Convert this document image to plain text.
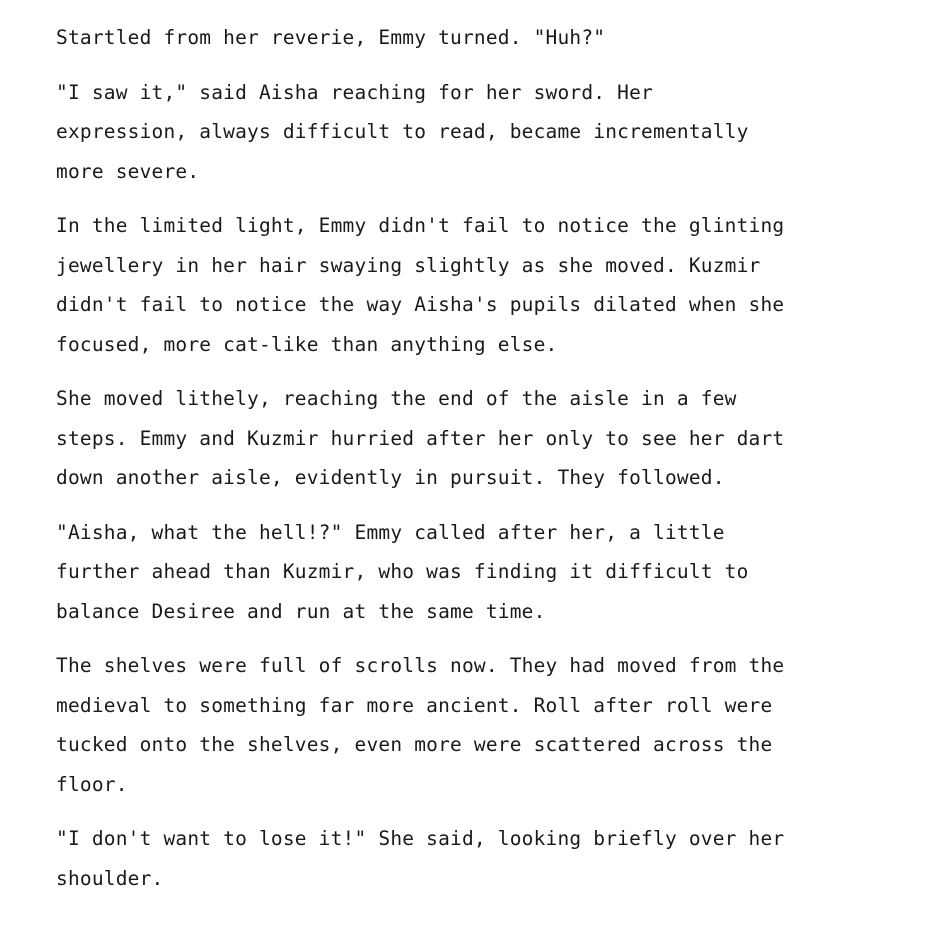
Startled from her reverie, Emmy turned. "Huh?"

"I saw it," said Aisha reaching for her sword. Her
expression, always difficult to read, became incrementally
more severe.

In the limited light, Emmy didn't fail to notice the glinting
jewellery in her hair swaying slightly as she moved. Kuzmir
didn't fail to notice the way Aisha's pupils dilated when she
focused, more cat-like than anything else.

She moved lithely, reaching the end of the aisle in a few
steps. Emmy and Kuzmir hurried after her only to see her dart
down another aisle, evidently in pursuit. They followed.

"Aisha, what the hell!?" Emmy called after her, a little
further ahead than Kuzmir, who was finding it difficult to
balance Desiree and run at the same time.

The shelves were full of scrolls now. They had moved from the
medieval to something far more ancient. Roll after roll were
tucked onto the shelves, even more were scattered across the
floor.

"I don't want to lose it!" She said, looking briefly over her
shoulder.
